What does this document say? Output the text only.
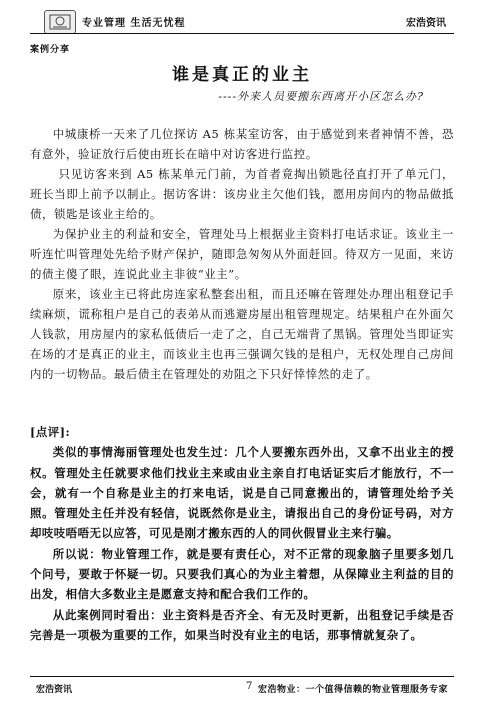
专业管理 生活无忧程	宏浩资讯
案例分享
谁是真正的业主
----外来人员要搬东西离开小区怎么办?

中城康桥一天来了几位探访 A5 栋某室访客，由于感觉到来者神情不善，恐有意外，验证放行后使由班长在暗中对访客进行监控。

只见访客来到 A5 栋某单元门前，为首者竟掏出锁匙径直打开了单元门，班长当即上前予以制止。据访客讲：该房业主欠他们钱，愿用房间内的物品做抵债，锁匙是该业主给的。

为保护业主的利益和安全，管理处马上根据业主资料打电话求证。该业主一听连忙叫管理处先给予财产保护，随即急匆匆从外面赶回。待双方一见面，来访的债主傻了眼，连说此业主非彼“业主”。

原来，该业主已将此房连家私整套出租，而且还嘛在管理处办理出租登记手续麻烦，谎称租户是自己的表弟从而逃避房屋出租管理规定。结果租户在外面欠人钱款，用房屋内的家私低债后一走了之，自己无端背了黑锅。管理处当即证实在场的才是真正的业主，而该业主也再三强调欠钱的是租户，无权处理自己房间内的一切物品。最后债主在管理处的劝阻之下只好悻悻然的走了。

[点评]:

类似的事情海丽管理处也发生过：几个人要搬东西外出，又拿不出业主的授权。管理处主任就要求他们找业主来或由业主亲自打电话证实后才能放行，不一会，就有一个自称是业主的打来电话，说是自己同意搬出的，请管理处给予关照。管理处主任并没有轻信，说既然你是业主，请报出自己的身份证号码，对方却吱吱唔唔无以应答，可见是刚才搬东西的人的同伙假冒业主来行骗。

所以说：物业管理工作，就是要有责任心，对不正常的现象脑子里要多划几个问号，要敢于怀疑一切。只要我们真心的为业主着想，从保障业主利益的目的出发，相信大多数业主是愿意支持和配合我们工作的。

从此案例同时看出：业主资料是否齐全、有无及时更新，出租登记手续是否完善是一项极为重要的工作，如果当时没有业主的电话，那事情就复杂了。

宏浩资讯	7 宏浩物业：一个值得信赖的物业管理服务专家
